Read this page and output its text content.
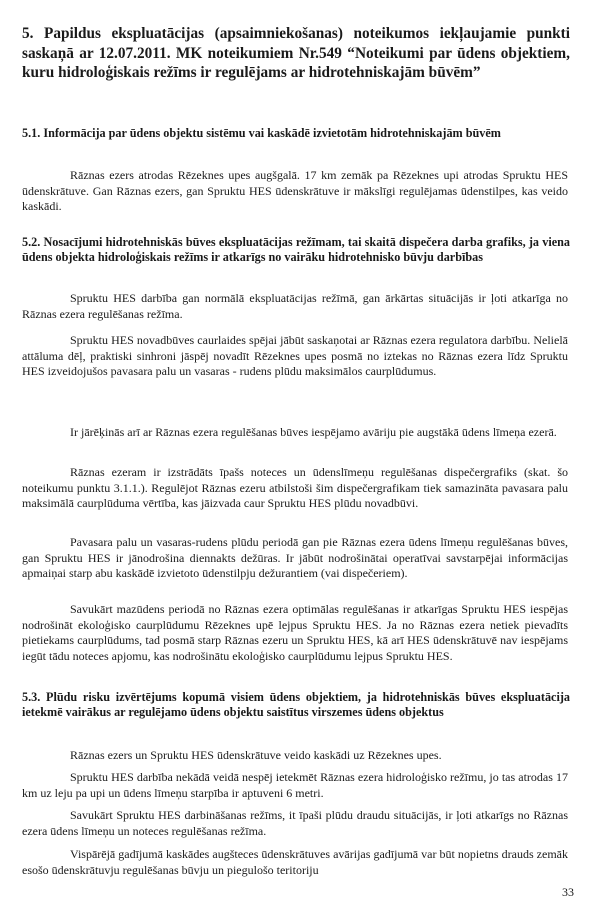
5. Papildus ekspluatācijas (apsaimniekošanas) noteikumos iekļaujamie punkti saskaņā ar 12.07.2011. MK noteikumiem Nr.549 “Noteikumi par ūdens objektiem, kuru hidroloģiskais režīms ir regulējams ar hidrotehniskajām būvēm”
5.1. Informācija par ūdens objektu sistēmu vai kaskādē izvietotām hidrotehniskajām būvēm

Rāznas ezers atrodas Rēzeknes upes augšgalā. 17 km zemāk pa Rēzeknes upi atrodas Spruktu HES ūdenskrātuve. Gan Rāznas ezers, gan Spruktu HES ūdenskrātuve ir mākslīgi regulējamas ūdenstilpes, kas veido kaskādi.

5.2. Nosacījumi hidrotehniskās būves ekspluatācijas režīmam, tai skaitā dispečera darba grafiks, ja viena ūdens objekta hidroloģiskais režīms ir atkarīgs no vairāku hidrotehnisko būvju darbības

Spruktu HES darbība gan normālā ekspluatācijas režīmā, gan ārkārtas situācijās ir ļoti atkarīga no Rāznas ezera regulēšanas režīma.

Spruktu HES novadbūves caurlaides spējai jābūt saskaņotai ar Rāznas ezera regulatora darbību. Nelielā attāluma dēļ, praktiski sinhroni jāspēj novadīt Rēzeknes upes posmā no iztekas no Rāznas ezera līdz Spruktu HES izveidojušos pavasara palu un vasaras - rudens plūdu maksimālos caurplūdumus.

Ir jārēķinās arī ar Rāznas ezera regulēšanas būves iespējamo avāriju pie augstākā ūdens līmeņa ezerā.

Rāznas ezeram ir izstrādāts īpašs noteces un ūdenslīmeņu regulēšanas dispečergrafiks (skat. šo noteikumu punktu 3.1.1.). Regulējot Rāznas ezeru atbilstoši šim dispečergrafikam tiek samazināta pavasara palu maksimālā caurplūduma vērtība, kas jāizvada caur Spruktu HES plūdu novadbūvi.

Pavasara palu un vasaras-rudens plūdu periodā gan pie Rāznas ezera ūdens līmeņu regulēšanas būves, gan Spruktu HES ir jānodrošina diennakts dežūras. Ir jābūt nodrošinātai operatīvai savstarpējai informācijas apmaiņai starp abu kaskādē izvietoto ūdenstilpju dežurantiem (vai dispečeriem).

Savukārt mazūdens periodā no Rāznas ezera optimālas regulēšanas ir atkarīgas Spruktu HES iespējas nodrošināt ekoloģisko caurplūdumu Rēzeknes upē lejpus Spruktu HES. Ja no Rāznas ezera netiek pievadīts pietiekams caurplūdums, tad posmā starp Rāznas ezeru un Spruktu HES, kā arī HES ūdenskrātuvē nav iespējams iegūt tādu noteces apjomu, kas nodrošinātu ekoloģisko caurplūdumu lejpus Spruktu HES.

5.3. Plūdu risku izvērtējums kopumā visiem ūdens objektiem, ja hidrotehniskās būves ekspluatācija ietekmē vairākus ar regulējamo ūdens objektu saistītus virszemes ūdens objektus

Rāznas ezers un Spruktu HES ūdenskrātuve veido kaskādi uz Rēzeknes upes.

Spruktu HES darbība nekādā veidā nespēj ietekmēt Rāznas ezera hidroloģisko režīmu, jo tas atrodas 17 km uz leju pa upi un ūdens līmeņu starpība ir aptuveni 6 metri.

Savukārt Spruktu HES darbināšanas režīms, it īpaši plūdu draudu situācijās, ir ļoti atkarīgs no Rāznas ezera ūdens līmeņu un noteces regulēšanas režīma.

Vispārējā gadījumā kaskādes augšteces ūdenskrātuves avārijas gadījumā var būt nopietns drauds zemāk esošo ūdenskrātuvju regulēšanas būvju un piegulošo teritoriju

33
